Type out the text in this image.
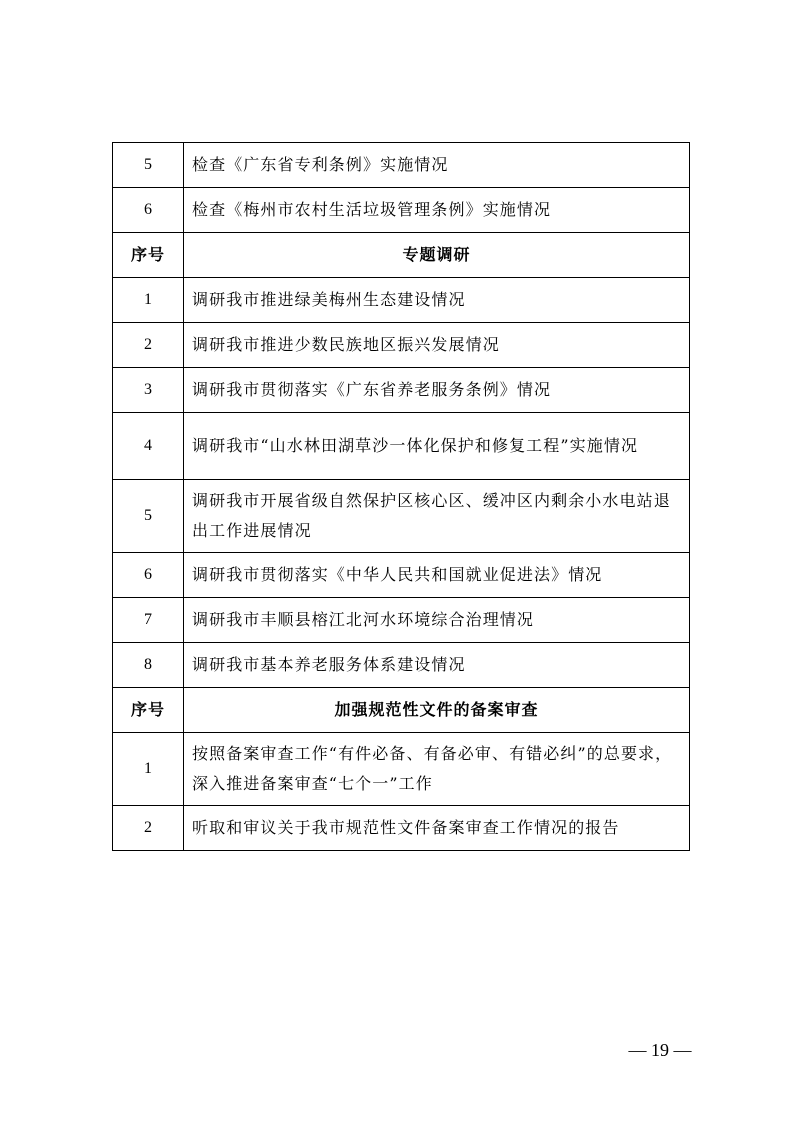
5	检查《广东省专利条例》实施情况
6	检查《梅州市农村生活垃圾管理条例》实施情况
序号	专题调研
1	调研我市推进绿美梅州生态建设情况
2	调研我市推进少数民族地区振兴发展情况
3	调研我市贯彻落实《广东省养老服务条例》情况
4	调研我市“山水林田湖草沙一体化保护和修复工程”实施情况
5	调研我市开展省级自然保护区核心区、缓冲区内剩余小水电站退出工作进展情况
6	调研我市贯彻落实《中华人民共和国就业促进法》情况
7	调研我市丰顺县榕江北河水环境综合治理情况
8	调研我市基本养老服务体系建设情况
序号	加强规范性文件的备案审查
1	按照备案审查工作“有件必备、有备必审、有错必纠”的总要求，深入推进备案审查“七个一”工作
2	听取和审议关于我市规范性文件备案审查工作情况的报告
— 19 —
